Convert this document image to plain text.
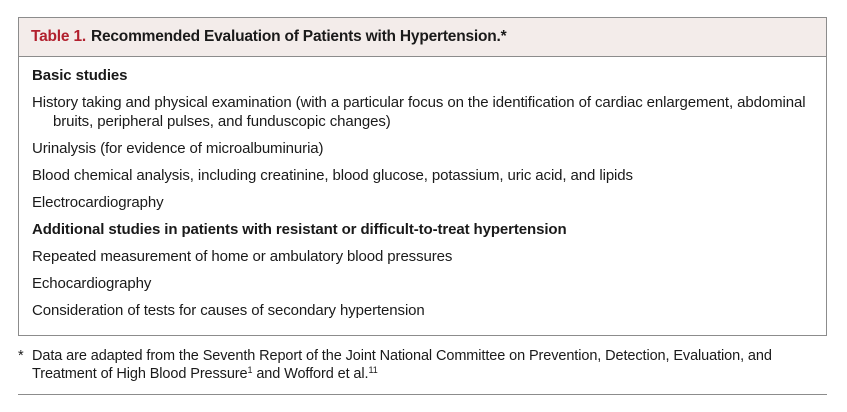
Table 1. Recommended Evaluation of Patients with Hypertension. *
Basic studies
History taking and physical examination (with a particular focus on the identification of cardiac enlargement, abdominal bruits, peripheral pulses, and funduscopic changes)
Urinalysis (for evidence of microalbuminuria)
Blood chemical analysis, including creatinine, blood glucose, potassium, uric acid, and lipids
Electrocardiography
Additional studies in patients with resistant or difficult-to-treat hypertension
Repeated measurement of home or ambulatory blood pressures
Echocardiography
Consideration of tests for causes of secondary hypertension
* Data are adapted from the Seventh Report of the Joint National Committee on Prevention, Detection, Evaluation, and Treatment of High Blood Pressure$^1$ and Wofford et al.$^{11}$
